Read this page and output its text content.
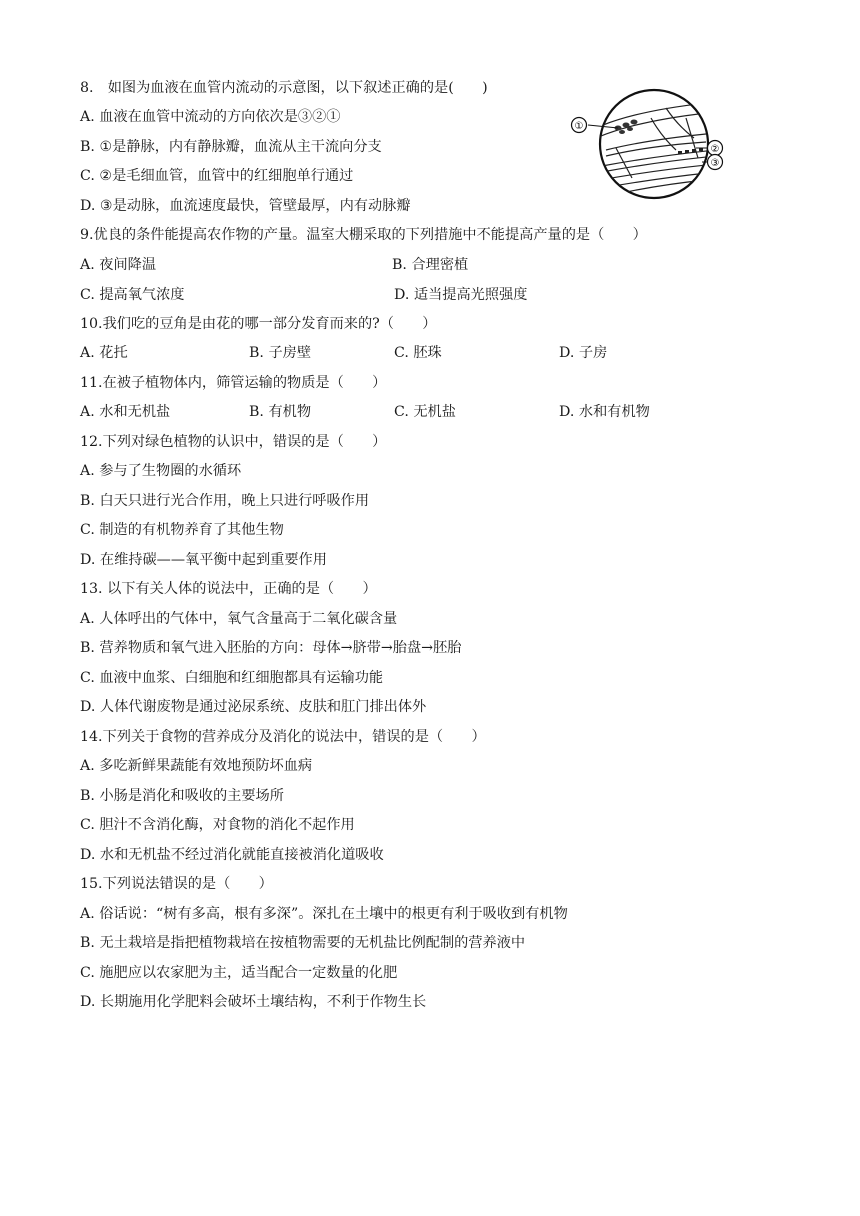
8.　如图为血液在血管内流动的示意图，以下叙述正确的是(　　)
A. 血液在血管中流动的方向依次是③②①
B. ①是静脉，内有静脉瓣，血流从主干流向分支
C. ②是毛细血管，血管中的红细胞单行通过
D. ③是动脉，血流速度最快，管壁最厚，内有动脉瓣
①
②
③
9.优良的条件能提高农作物的产量。温室大棚采取的下列措施中不能提高产量的是（　　）
A. 夜间降温	B. 合理密植
C. 提高氧气浓度	D. 适当提高光照强度
10.我们吃的豆角是由花的哪一部分发育而来的?（　　）
A. 花托	B. 子房壁	C. 胚珠	D. 子房
11.在被子植物体内，筛管运输的物质是（　　）
A. 水和无机盐	B. 有机物	C. 无机盐	D. 水和有机物
12.下列对绿色植物的认识中，错误的是（　　）
A. 参与了生物圈的水循环
B. 白天只进行光合作用，晚上只进行呼吸作用
C. 制造的有机物养育了其他生物
D. 在维持碳——氧平衡中起到重要作用
13. 以下有关人体的说法中，正确的是（　　）
A. 人体呼出的气体中，氧气含量高于二氧化碳含量
B. 营养物质和氧气进入胚胎的方向：母体→脐带→胎盘→胚胎
C. 血液中血浆、白细胞和红细胞都具有运输功能
D. 人体代谢废物是通过泌尿系统、皮肤和肛门排出体外
14.下列关于食物的营养成分及消化的说法中，错误的是（　　）
A. 多吃新鲜果蔬能有效地预防坏血病
B. 小肠是消化和吸收的主要场所
C. 胆汁不含消化酶，对食物的消化不起作用
D. 水和无机盐不经过消化就能直接被消化道吸收
15.下列说法错误的是（　　）
A. 俗话说：“树有多高，根有多深”。深扎在土壤中的根更有利于吸收到有机物
B. 无土栽培是指把植物栽培在按植物需要的无机盐比例配制的营养液中
C. 施肥应以农家肥为主，适当配合一定数量的化肥
D. 长期施用化学肥料会破坏土壤结构，不利于作物生长
